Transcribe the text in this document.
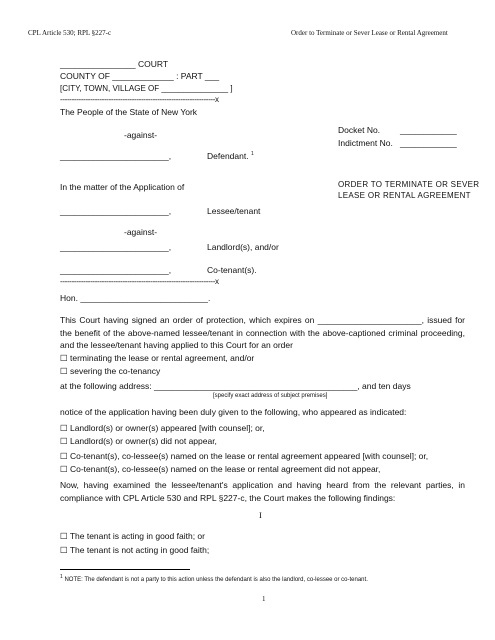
CPL Article 530; RPL §227-c	Order to Terminate or Sever Lease or Rental Agreement
________________ COURT
COUNTY OF _____________ : PART ___
[CITY, TOWN, VILLAGE OF _______________ ]
-------------------------------------------------------------------x
The People of the State of New York
-against-	Docket No. ____________
Indictment No. ____________
_______________________,	Defendant. $^1$
In the matter of the Application of	ORDER TO TERMINATE OR SEVER
LEASE OR RENTAL AGREEMENT
_______________________,	Lessee/tenant
-against-
_______________________,	Landlord(s), and/or
_______________________,	Co-tenant(s).
-------------------------------------------------------------------x
Hon. ___________________________.
This Court having signed an order of protection, which expires on ______________________, issued for the benefit of the above-named lessee/tenant in connection with the above-captioned criminal proceeding, and the lessee/tenant having applied to this Court for an order
☐ terminating the lease or rental agreement, and/or
☐ severing the co-tenancy
at the following address: ___________________________________________, and ten days
[specify exact address of subject premises]
notice of the application having been duly given to the following, who appeared as indicated:
☐ Landlord(s) or owner(s) appeared [with counsel]; or,
☐ Landlord(s) or owner(s) did not appear,
☐ Co-tenant(s), co-lessee(s) named on the lease or rental agreement appeared [with counsel]; or,
☐ Co-tenant(s), co-lessee(s) named on the lease or rental agreement did not appear,
Now, having examined the lessee/tenant's application and having heard from the relevant parties, in compliance with CPL Article 530 and RPL §227-c, the Court makes the following findings:
I
☐ The tenant is acting in good faith; or
☐ The tenant is not acting in good faith;
$^1$ NOTE: The defendant is not a party to this action unless the defendant is also the landlord, co-lessee or co-tenant.
1
